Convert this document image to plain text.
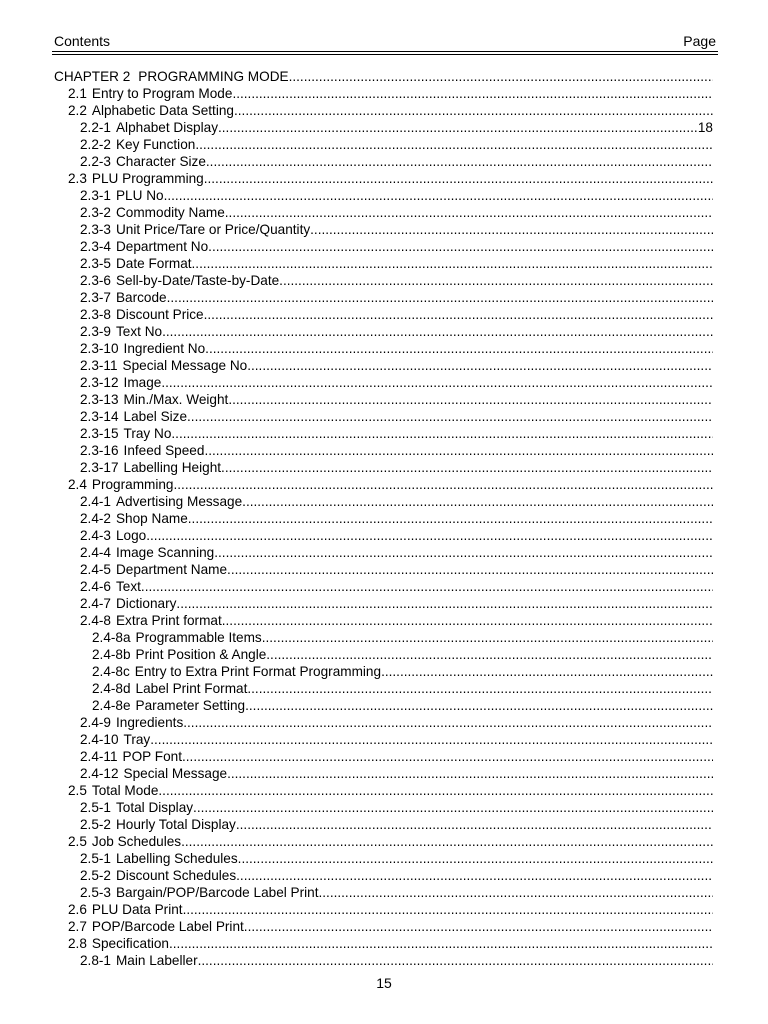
Contents	Page
CHAPTER 2 PROGRAMMING MODE
.....
2.1 Entry to Program Mode
.....
2.2 Alphabetic Data Setting
.....
2.2-1 Alphabet Display
.....	18
2.2-2 Key Function
.....
2.2-3 Character Size
.....
2.3 PLU Programming
.....
2.3-1 PLU No.
.....
2.3-2 Commodity Name
.....
2.3-3 Unit Price/Tare or Price/Quantity
.....
2.3-4 Department No.
.....
2.3-5 Date Format
.....
2.3-6 Sell-by-Date/Taste-by-Date
.....
2.3-7 Barcode
.....
2.3-8 Discount Price
.....
2.3-9 Text No.
.....
2.3-10 Ingredient No.
.....
2.3-11 Special Message No.
.....
2.3-12 Image
.....
2.3-13 Min./Max. Weight
.....
2.3-14 Label Size
.....
2.3-15 Tray No.
.....
2.3-16 Infeed Speed
.....
2.3-17 Labelling Height
.....
2.4 Programming
.....
2.4-1 Advertising Message
.....
2.4-2 Shop Name
.....
2.4-3 Logo
.....
2.4-4 Image Scanning
.....
2.4-5 Department Name
.....
2.4-6 Text
.....
2.4-7 Dictionary
.....
2.4-8 Extra Print format
.....
2.4-8a Programmable Items
.....
2.4-8b Print Position & Angle
.....
2.4-8c Entry to Extra Print Format Programming
.....
2.4-8d Label Print Format
.....
2.4-8e Parameter Setting
.....
2.4-9 Ingredients
.....
2.4-10 Tray
.....
2.4-11 POP Font
.....
2.4-12 Special Message
.....
2.5 Total Mode
.....
2.5-1 Total Display
.....
2.5-2 Hourly Total Display
.....
2.5 Job Schedules
.....
2.5-1 Labelling Schedules
.....
2.5-2 Discount Schedules
.....
2.5-3 Bargain/POP/Barcode Label Print
.....
2.6 PLU Data Print
.....
2.7 POP/Barcode Label Print
.....
2.8 Specification
.....
2.8-1 Main Labeller
.....
15
